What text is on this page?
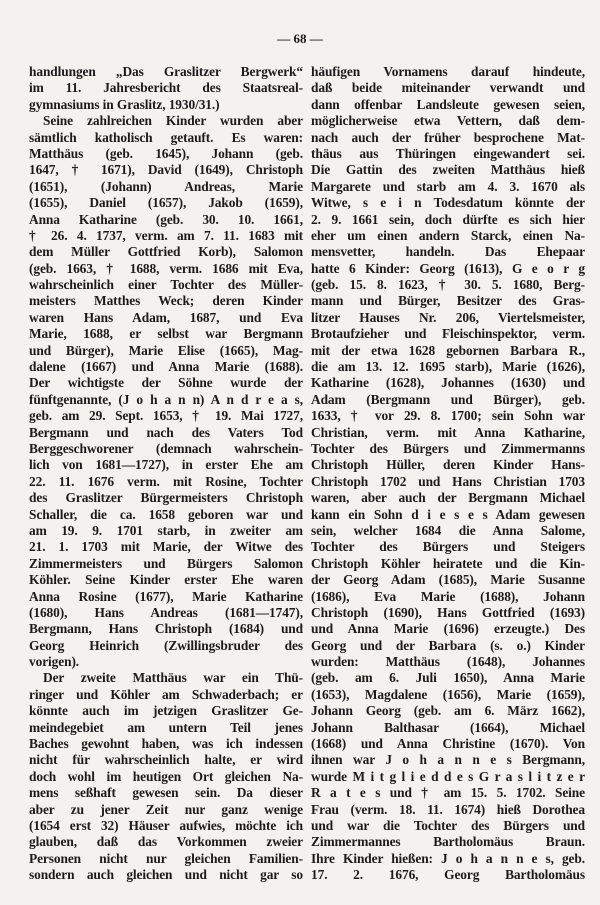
— 68 —
handlungen „Das Graslitzer Bergwerk“
im 11. Jahresbericht des Staatsreal-
gymnasiums in Graslitz, 1930/31.)
Seine zahlreichen Kinder wurden aber
sämtlich katholisch getauft. Es waren:
Matthäus (geb. 1645), Johann (geb.
1647, † 1671), David (1649), Christoph
(1651), (Johann) Andreas, Marie
(1655), Daniel (1657), Jakob (1659),
Anna Katharine (geb. 30. 10. 1661,
† 26. 4. 1737, verm. am 7. 11. 1683 mit
dem Müller Gottfried Korb), Salomon
(geb. 1663, † 1688, verm. 1686 mit Eva,
wahrscheinlich einer Tochter des Müller-
meisters Matthes Weck; deren Kinder
waren Hans Adam, 1687, und Eva
Marie, 1688, er selbst war Bergmann
und Bürger), Marie Elise (1665), Mag-
dalene (1667) und Anna Marie (1688).
Der wichtigste der Söhne wurde der
fünftgenannte, (J o h a n n) A n d r e a s,
geb. am 29. Sept. 1653, † 19. Mai 1727,
Bergmann und nach des Vaters Tod
Berggeschworener (demnach wahrschein-
lich von 1681—1727), in erster Ehe am
22. 11. 1676 verm. mit Rosine, Tochter
des Graslitzer Bürgermeisters Christoph
Schaller, die ca. 1658 geboren war und
am 19. 9. 1701 starb, in zweiter am
21. 1. 1703 mit Marie, der Witwe des
Zimmermeisters und Bürgers Salomon
Köhler. Seine Kinder erster Ehe waren
Anna Rosine (1677), Marie Katharine
(1680), Hans Andreas (1681—1747),
Bergmann, Hans Christoph (1684) und
Georg Heinrich (Zwillingsbruder des
vorigen).
Der zweite Matthäus war ein Thü-
ringer und Köhler am Schwaderbach; er
könnte auch im jetzigen Graslitzer Ge-
meindegebiet am untern Teil jenes
Baches gewohnt haben, was ich indessen
nicht für wahrscheinlich halte, er wird
doch wohl im heutigen Ort gleichen Na-
mens seßhaft gewesen sein. Da dieser
aber zu jener Zeit nur ganz wenige
(1654 erst 32) Häuser aufwies, möchte ich
glauben, daß das Vorkommen zweier
Personen nicht nur gleichen Familien-
sondern auch gleichen und nicht gar so
häufigen Vornamens darauf hindeute,
daß beide miteinander verwandt und
dann offenbar Landsleute gewesen seien,
möglicherweise etwa Vettern, daß dem-
nach auch der früher besprochene Mat-
thäus aus Thüringen eingewandert sei.
Die Gattin des zweiten Matthäus hieß
Margarete und starb am 4. 3. 1670 als
Witwe, s e i n Todesdatum könnte der
2. 9. 1661 sein, doch dürfte es sich hier
eher um einen andern Starck, einen Na-
mensvetter, handeln. Das Ehepaar
hatte 6 Kinder: Georg (1613), G e o r g
(geb. 15. 8. 1623, † 30. 5. 1680, Berg-
mann und Bürger, Besitzer des Gras-
litzer Hauses Nr. 206, Viertelsmeister,
Brotaufzieher und Fleischinspektor, verm.
mit der etwa 1628 gebornen Barbara R.,
die am 13. 12. 1695 starb), Marie (1626),
Katharine (1628), Johannes (1630) und
Adam (Bergmann und Bürger), geb.
1633, † vor 29. 8. 1700; sein Sohn war
Christian, verm. mit Anna Katharine,
Tochter des Bürgers und Zimmermanns
Christoph Hüller, deren Kinder Hans-
Christoph 1702 und Hans Christian 1703
waren, aber auch der Bergmann Michael
kann ein Sohn d i e s e s Adam gewesen
sein, welcher 1684 die Anna Salome,
Tochter des Bürgers und Steigers
Christoph Köhler heiratete und die Kin-
der Georg Adam (1685), Marie Susanne
(1686), Eva Marie (1688), Johann
Christoph (1690), Hans Gottfried (1693)
und Anna Marie (1696) erzeugte.) Des
Georg und der Barbara (s. o.) Kinder
wurden: Matthäus (1648), Johannes
(geb. am 6. Juli 1650), Anna Marie
(1653), Magdalene (1656), Marie (1659),
Johann Georg (geb. am 6. März 1662),
Johann Balthasar (1664), Michael
(1668) und Anna Christine (1670). Von
ihnen war J o h a n n e s Bergmann,
wurde M i t g l i e d d e s G r a s l i t z e r
R a t e s und † am 15. 5. 1702. Seine
Frau (verm. 18. 11. 1674) hieß Dorothea
und war die Tochter des Bürgers und
Zimmermannes Bartholomäus Braun.
Ihre Kinder hießen: J o h a n n e s, geb.
17. 2. 1676, Georg Bartholomäus
